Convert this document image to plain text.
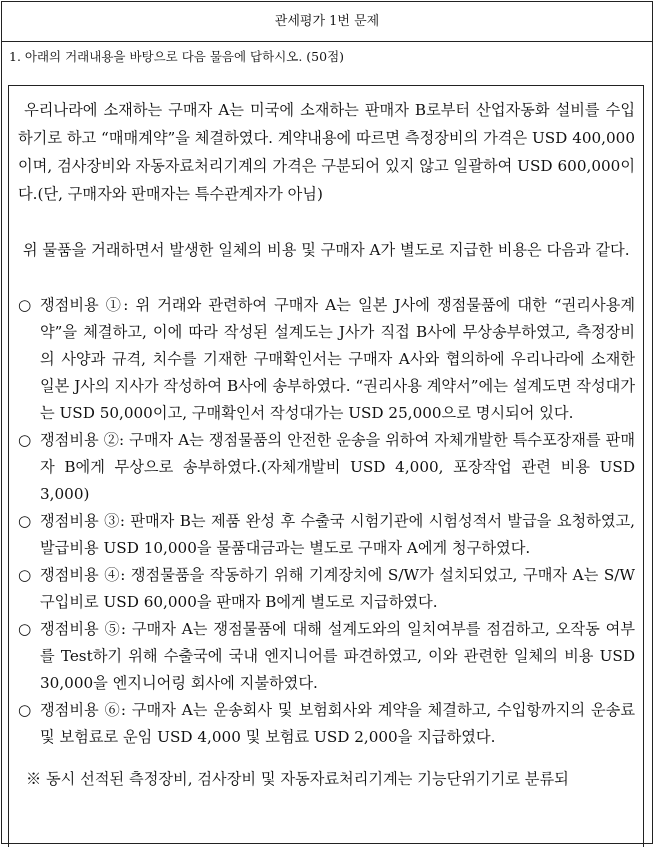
관세평가 1번 문제
1. 아래의 거래내용을 바탕으로 다음 물음에 답하시오. (50점)

우리나라에 소재하는 구매자 A는 미국에 소재하는 판매자 B로부터 산업자동화 설비를 수입하기로 하고 “매매계약”을 체결하였다. 계약내용에 따르면 측정장비의 가격은 USD 400,000이며, 검사장비와 자동자료처리기계의 가격은 구분되어 있지 않고 일괄하여 USD 600,000이다.(단, 구매자와 판매자는 특수관계자가 아님)

위 물품을 거래하면서 발생한 일체의 비용 및 구매자 A가 별도로 지급한 비용은 다음과 같다.

○ 쟁점비용 ①: 위 거래와 관련하여 구매자 A는 일본 J사에 쟁점물품에 대한 “권리사용계약”을 체결하고, 이에 따라 작성된 설계도는 J사가 직접 B사에 무상송부하였고, 측정장비의 사양과 규격, 치수를 기재한 구매확인서는 구매자 A사와 협의하에 우리나라에 소재한 일본 J사의 지사가 작성하여 B사에 송부하였다. “권리사용 계약서”에는 설계도면 작성대가는 USD 50,000이고, 구매확인서 작성대가는 USD 25,000으로 명시되어 있다.
○ 쟁점비용 ②: 구매자 A는 쟁점물품의 안전한 운송을 위하여 자체개발한 특수포장재를 판매자 B에게 무상으로 송부하였다.(자체개발비 USD 4,000, 포장작업 관련 비용 USD 3,000)
○ 쟁점비용 ③: 판매자 B는 제품 완성 후 수출국 시험기관에 시험성적서 발급을 요청하였고, 발급비용 USD 10,000을 물품대금과는 별도로 구매자 A에게 청구하였다.
○ 쟁점비용 ④: 쟁점물품을 작동하기 위해 기계장치에 S/W가 설치되었고, 구매자 A는 S/W 구입비로 USD 60,000을 판매자 B에게 별도로 지급하였다.
○ 쟁점비용 ⑤: 구매자 A는 쟁점물품에 대해 설계도와의 일치여부를 점검하고, 오작동 여부를 Test하기 위해 수출국에 국내 엔지니어를 파견하였고, 이와 관련한 일체의 비용 USD 30,000을 엔지니어링 회사에 지불하였다.
○ 쟁점비용 ⑥: 구매자 A는 운송회사 및 보험회사와 계약을 체결하고, 수입항까지의 운송료 및 보험료로 운임 USD 4,000 및 보험료 USD 2,000을 지급하였다.
※ 동시 선적된 측정장비, 검사장비 및 자동자료처리기계는 기능단위기기로 분류되
